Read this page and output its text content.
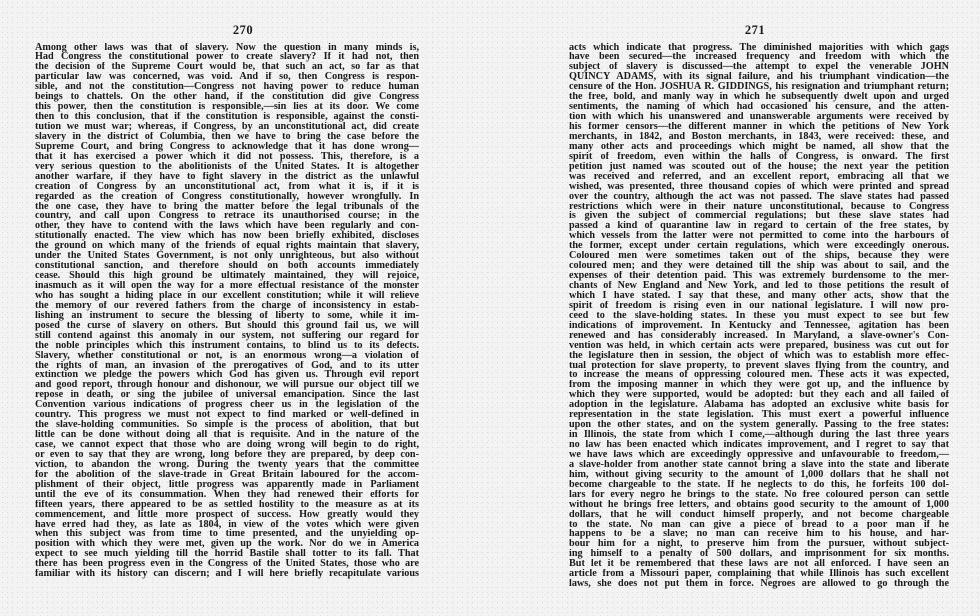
270
Among other laws was that of slavery. Now the question in many minds is,
Had Congress the constitutional power to create slavery? If it had not, then
the decision of the Supreme Court would be, that such an act, so far as that
particular law was concerned, was void. And if so, then Congress is respon-
sible, and not the constitution—Congress not having power to reduce human
beings to chattels. On the other hand, if the constitution did give Congress
this power, then the constitution is responsible,—sin lies at its door. We come
then to this conclusion, that if the constitution is responsible, against the consti-
tution we must war; whereas, if Congress, by an unconstitutional act, did create
slavery in the district of Columbia, then we have to bring the case before the
Supreme Court, and bring Congress to acknowledge that it has done wrong—
that it has exercised a power which it did not possess. This, therefore, is a
very serious question to the abolitionists of the United States. It is altogether
another warfare, if they have to fight slavery in the district as the unlawful
creation of Congress by an unconstitutional act, from what it is, if it is
regarded as the creation of Congress constitutionally, however wrongfully. In
the one case, they have to bring the matter before the legal tribunals of the
country, and call upon Congress to retrace its unauthorised course; in the
other, they have to contend with the laws which have been regularly and con-
stitutionally enacted. The view which has now been briefly exhibited, discloses
the ground on which many of the friends of equal rights maintain that slavery,
under the United States Government, is not only unrighteous, but also without
constitutional sanction, and therefore should on both accounts immediately
cease. Should this high ground be ultimately maintained, they will rejoice,
inasmuch as it will open the way for a more effectual resistance of the monster
who has sought a hiding place in our excellent constitution; while it will relieve
the memory of our revered fathers from the charge of inconsistency in estab-
lishing an instrument to secure the blessing of liberty to some, while it im-
posed the curse of slavery on others. But should this ground fail us, we will
still contend against this anomaly in our system, not suffering our regard for
the noble principles which this instrument contains, to blind us to its defects.
Slavery, whether constitutional or not, is an enormous wrong—a violation of
the rights of man, an invasion of the prerogatives of God, and to its utter
extinction we pledge the powers which God has given us. Through evil report
and good report, through honour and dishonour, we will pursue our object till we
repose in death, or sing the jubilee of universal emancipation. Since the last
Convention various indications of progress cheer us in the legislation of the
country. This progress we must not expect to find marked or well-defined in
the slave-holding communities. So simple is the process of abolition, that but
little can be done without doing all that is requisite. And in the nature of the
case, we cannot expect that those who are doing wrong will begin to do right,
or even to say that they are wrong, long before they are prepared, by deep con-
viction, to abandon the wrong. During the twenty years that the committee
for the abolition of the slave-trade in Great Britain laboured for the accom-
plishment of their object, little progress was apparently made in Parliament
until the eve of its consummation. When they had renewed their efforts for
fifteen years, there appeared to be as settled hostility to the measure as at its
commencement, and little more prospect of success. How greatly would they
have erred had they, as late as 1804, in view of the votes which were given
when this subject was from time to time presented, and the unyielding op-
position with which they were met, given up the work. Nor do we in America
expect to see much yielding till the horrid Bastile shall totter to its fall. That
there has been progress even in the Congress of the United States, those who are
familiar with its history can discern; and I will here briefly recapitulate various
271
acts which indicate that progress. The diminished majorities with which gags
have been secured—the increased frequency and freedom with which the
subject of slavery is discussed—the attempt to expel the venerable JOHN
QUINCY ADAMS, with its signal failure, and his triumphant vindication—the
censure of the Hon. JOSHUA R. GIDDINGS, his resignation and triumphant return;
the free, bold, and manly way in which he subsequently dwelt upon and urged
sentiments, the naming of which had occasioned his censure, and the atten-
tion with which his unanswered and unanswerable arguments were received by
his former censors—the different manner in which the petitions of New York
merchants, in 1842, and Boston merchants, in 1843, were received: these, and
many other acts and proceedings which might be named, all show that the
spirit of freedom, even within the halls of Congress, is onward. The first
petition just named was scouted out of the house; the next year the petition
was received and referred, and an excellent report, embracing all that we
wished, was presented, three thousand copies of which were printed and spread
over the country, although the act was not passed. The slave states had passed
restrictions which were in their nature unconstitutional, because to Congress
is given the subject of commercial regulations; but these slave states had
passed a kind of quarantine law in regard to certain of the free states, by
which vessels from the latter were not permitted to come into the harbours of
the former, except under certain regulations, which were exceedingly onerous.
Coloured men were sometimes taken out of the ships, because they were
coloured men; and they were detained till the ship was about to sail, and the
expenses of their detention paid. This was extremely burdensome to the mer-
chants of New England and New York, and led to those petitions the result of
which I have stated. I say that these, and many other acts, show that the
spirit of freedom is rising even in our national legislature. I will now pro-
ceed to the slave-holding states. In these you must expect to see but few
indications of improvement. In Kentucky and Tennessee, agitation has been
renewed and has considerably increased. In Maryland, a slave-owner's Con-
vention was held, in which certain acts were prepared, business was cut out for
the legislature then in session, the object of which was to establish more effec-
tual protection for slave property, to prevent slaves flying from the country, and
to increase the means of oppressing coloured men. These acts it was expected,
from the imposing manner in which they were got up, and the influence by
which they were supported, would be adopted: but they each and all failed of
adoption in the legislature. Alabama has adopted an exclusive white basis for
representation in the state legislation. This must exert a powerful influence
upon the other states, and on the system generally. Passing to the free states:
in Illinois, the state from which I come,—although during the last three years
no law has been enacted which indicates improvement, and I regret to say that
we have laws which are exceedingly oppressive and unfavourable to freedom,—
a slave-holder from another state cannot bring a slave into the state and liberate
him, without giving security to the amount of 1,000 dollars that he shall not
become chargeable to the state. If he neglects to do this, he forfeits 100 dol-
lars for every negro he brings to the state. No free coloured person can settle
without he brings free letters, and obtains good security to the amount of 1,000
dollars, that he will conduct himself properly, and not become chargeable
to the state. No man can give a piece of bread to a poor man if he
happens to be a slave; no man can receive him to his house, and har-
bour him for a night, to preserve him from the pursuer, without subject-
ing himself to a penalty of 500 dollars, and imprisonment for six months.
But let it be remembered that these laws are not all enforced. I have seen an
article from a Missouri paper, complaining that while Illinois has such excellent
laws, she does not put them in force. Negroes are allowed to go through the
